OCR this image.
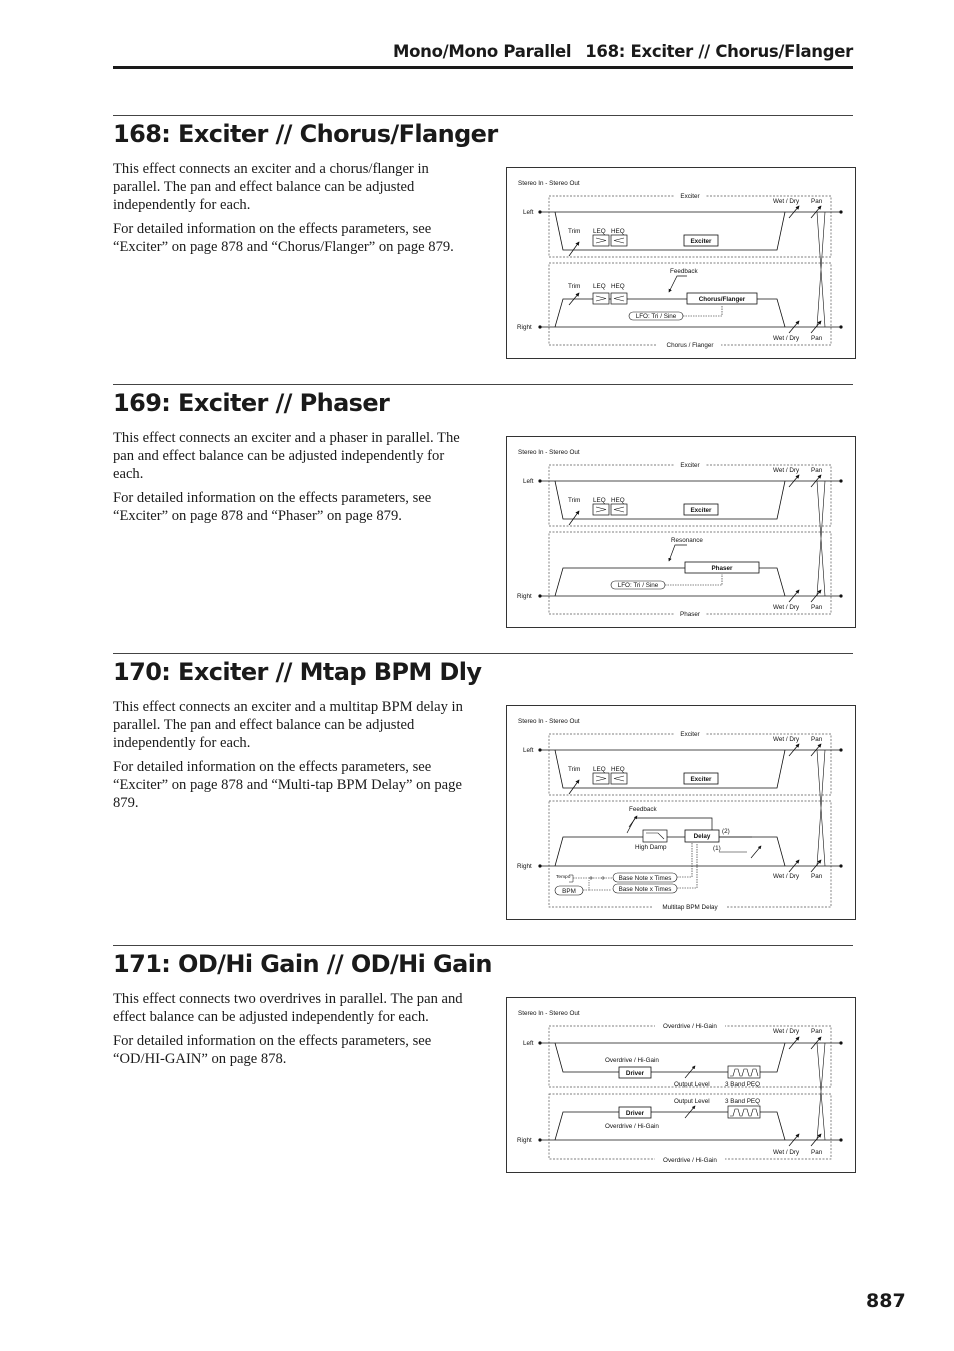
Mono/Mono Parallel 168: Exciter // Chorus/Flanger
168: Exciter // Chorus/Flanger

This effect connects an exciter and a chorus/flanger in parallel. The pan and effect balance can be adjusted independently for each.

For detailed information on the effects parameters, see “Exciter” on page 878 and “Chorus/Flanger” on page 879.

Stereo In - Stereo Out
Exciter
Left
Trim LEQ HEQ
Exciter
Wet / Dry Pan
Chorus / Flanger
Right
Trim LEQ HEQ
Feedback
Chorus/Flanger
LFO: Tri / Sine
Wet / Dry Pan
169: Exciter // Phaser

This effect connects an exciter and a phaser in parallel. The pan and effect balance can be adjusted independently for each.

For detailed information on the effects parameters, see “Exciter” on page 878 and “Phaser” on page 879.

Stereo In - Stereo Out
Exciter
Left
Trim LEQ HEQ
Exciter
Wet / Dry Pan
Phaser
Right
Resonance
Phaser
LFO: Tri / Sine
Wet / Dry Pan
170: Exciter // Mtap BPM Dly

This effect connects an exciter and a multitap BPM delay in parallel. The pan and effect balance can be adjusted independently for each.

For detailed information on the effects parameters, see “Exciter” on page 878 and “Multi-tap BPM Delay” on page 879.

Stereo In - Stereo Out
Exciter
Left
Trim LEQ HEQ
Exciter
Wet / Dry Pan
Multitap BPM Delay
Right
Feedback
High Damp
Delay
(2)
(1)
Tempo
BPM
Base Note x Times
Base Note x Times
Wet / Dry Pan
171: OD/Hi Gain // OD/Hi Gain

This effect connects two overdrives in parallel. The pan and effect balance can be adjusted independently for each.

For detailed information on the effects parameters, see “OD/HI-GAIN” on page 878.

Stereo In - Stereo Out
Overdrive / Hi-Gain
Left
Overdrive / Hi-Gain
Driver
Output Level 3 Band PEQ
Wet / Dry Pan
Overdrive / Hi-Gain
Right
Output Level 3 Band PEQ
Driver
Overdrive / Hi-Gain
Wet / Dry Pan
887
